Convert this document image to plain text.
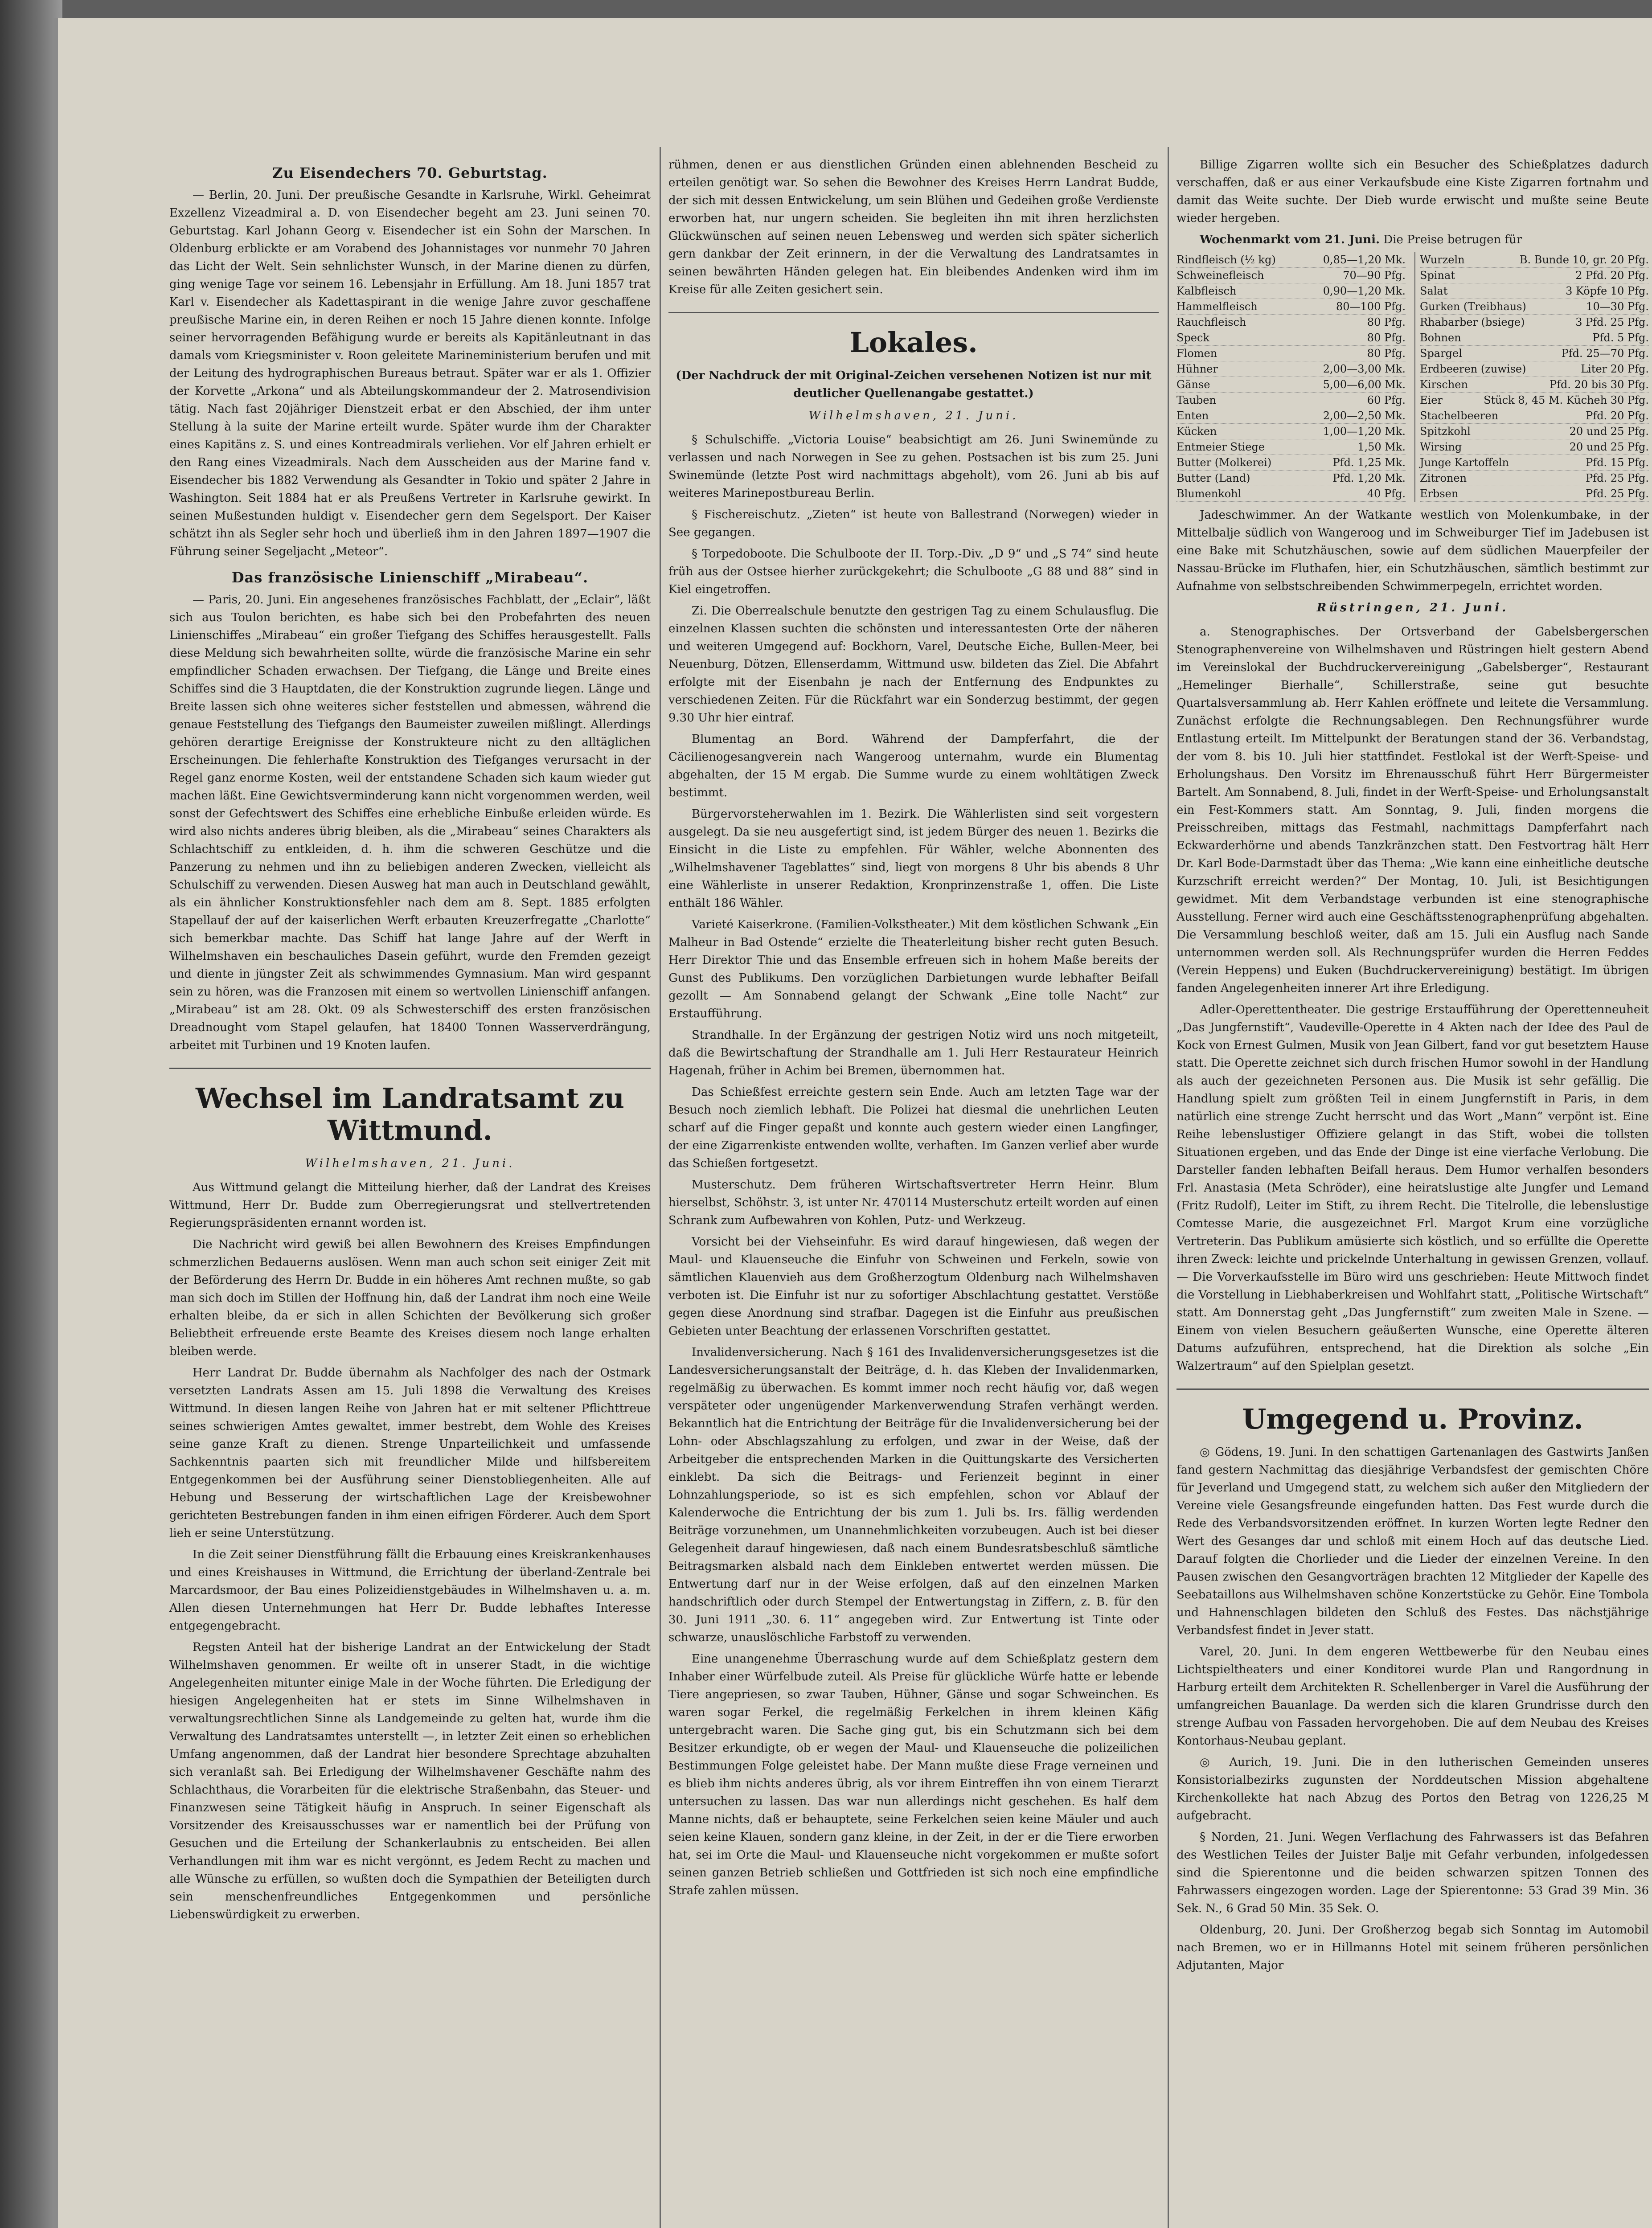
Zu Eisendechers 70. Geburtstag.

— Berlin, 20. Juni. Der preußische Gesandte in Karlsruhe, Wirkl. Geheimrat Exzellenz Vizeadmiral a. D. von Eisendecher begeht am 23. Juni seinen 70. Geburtstag. Karl Johann Georg v. Eisendecher ist ein Sohn der Marschen. In Oldenburg erblickte er am Vorabend des Johannistages vor nunmehr 70 Jahren das Licht der Welt. Sein sehnlichster Wunsch, in der Marine dienen zu dürfen, ging wenige Tage vor seinem 16. Lebensjahr in Erfüllung. Am 18. Juni 1857 trat Karl v. Eisendecher als Kadettaspirant in die wenige Jahre zuvor geschaffene preußische Marine ein, in deren Reihen er noch 15 Jahre dienen konnte. Infolge seiner hervorragenden Befähigung wurde er bereits als Kapitänleutnant in das damals vom Kriegsminister v. Roon geleitete Marineministerium berufen und mit der Leitung des hydrographischen Bureaus betraut. Später war er als 1. Offizier der Korvette „Arkona“ und als Abteilungskommandeur der 2. Matrosendivision tätig. Nach fast 20jähriger Dienstzeit erbat er den Abschied, der ihm unter Stellung à la suite der Marine erteilt wurde. Später wurde ihm der Charakter eines Kapitäns z. S. und eines Kontreadmirals verliehen. Vor elf Jahren erhielt er den Rang eines Vizeadmirals. Nach dem Ausscheiden aus der Marine fand v. Eisendecher bis 1882 Verwendung als Gesandter in Tokio und später 2 Jahre in Washington. Seit 1884 hat er als Preußens Vertreter in Karlsruhe gewirkt. In seinen Mußestunden huldigt v. Eisendecher gern dem Segelsport. Der Kaiser schätzt ihn als Segler sehr hoch und überließ ihm in den Jahren 1897—1907 die Führung seiner Segeljacht „Meteor“.

Das französische Linienschiff „Mirabeau“.

— Paris, 20. Juni. Ein angesehenes französisches Fachblatt, der „Eclair“, läßt sich aus Toulon berichten, es habe sich bei den Probefahrten des neuen Linienschiffes „Mirabeau“ ein großer Tiefgang des Schiffes herausgestellt. Falls diese Meldung sich bewahrheiten sollte, würde die französische Marine ein sehr empfindlicher Schaden erwachsen. Der Tiefgang, die Länge und Breite eines Schiffes sind die 3 Hauptdaten, die der Konstruktion zugrunde liegen. Länge und Breite lassen sich ohne weiteres sicher feststellen und abmessen, während die genaue Feststellung des Tiefgangs den Baumeister zuweilen mißlingt. Allerdings gehören derartige Ereignisse der Konstrukteure nicht zu den alltäglichen Erscheinungen. Die fehlerhafte Konstruktion des Tiefganges verursacht in der Regel ganz enorme Kosten, weil der entstandene Schaden sich kaum wieder gut machen läßt. Eine Gewichtsverminderung kann nicht vorgenommen werden, weil sonst der Gefechtswert des Schiffes eine erhebliche Einbuße erleiden würde. Es wird also nichts anderes übrig bleiben, als die „Mirabeau“ seines Charakters als Schlachtschiff zu entkleiden, d. h. ihm die schweren Geschütze und die Panzerung zu nehmen und ihn zu beliebigen anderen Zwecken, vielleicht als Schulschiff zu verwenden. Diesen Ausweg hat man auch in Deutschland gewählt, als ein ähnlicher Konstruktionsfehler nach dem am 8. Sept. 1885 erfolgten Stapellauf der auf der kaiserlichen Werft erbauten Kreuzerfregatte „Charlotte“ sich bemerkbar machte. Das Schiff hat lange Jahre auf der Werft in Wilhelmshaven ein beschauliches Dasein geführt, wurde den Fremden gezeigt und diente in jüngster Zeit als schwimmendes Gymnasium. Man wird gespannt sein zu hören, was die Franzosen mit einem so wertvollen Linienschiff anfangen. „Mirabeau“ ist am 28. Okt. 09 als Schwesterschiff des ersten französischen Dreadnought vom Stapel gelaufen, hat 18400 Tonnen Wasserverdrängung, arbeitet mit Turbinen und 19 Knoten laufen.

Wechsel im Landratsamt zu Wittmund.
Wilhelmshaven, 21. Juni.

Aus Wittmund gelangt die Mitteilung hierher, daß der Landrat des Kreises Wittmund, Herr Dr. Budde zum Oberregierungsrat und stellvertretenden Regierungspräsidenten ernannt worden ist.

Die Nachricht wird gewiß bei allen Bewohnern des Kreises Empfindungen schmerzlichen Bedauerns auslösen. Wenn man auch schon seit einiger Zeit mit der Beförderung des Herrn Dr. Budde in ein höheres Amt rechnen mußte, so gab man sich doch im Stillen der Hoffnung hin, daß der Landrat ihm noch eine Weile erhalten bleibe, da er sich in allen Schichten der Bevölkerung sich großer Beliebtheit erfreuende erste Beamte des Kreises diesem noch lange erhalten bleiben werde.

Herr Landrat Dr. Budde übernahm als Nachfolger des nach der Ostmark versetzten Landrats Assen am 15. Juli 1898 die Verwaltung des Kreises Wittmund. In diesen langen Reihe von Jahren hat er mit seltener Pflichttreue seines schwierigen Amtes gewaltet, immer bestrebt, dem Wohle des Kreises seine ganze Kraft zu dienen. Strenge Unparteilichkeit und umfassende Sachkenntnis paarten sich mit freundlicher Milde und hilfsbereitem Entgegenkommen bei der Ausführung seiner Dienstobliegenheiten. Alle auf Hebung und Besserung der wirtschaftlichen Lage der Kreisbewohner gerichteten Bestrebungen fanden in ihm einen eifrigen Förderer. Auch dem Sport lieh er seine Unterstützung.

In die Zeit seiner Dienstführung fällt die Erbauung eines Kreiskrankenhauses und eines Kreishauses in Wittmund, die Errichtung der überland-Zentrale bei Marcardsmoor, der Bau eines Polizeidienstgebäudes in Wilhelmshaven u. a. m. Allen diesen Unternehmungen hat Herr Dr. Budde lebhaftes Interesse entgegengebracht.

Regsten Anteil hat der bisherige Landrat an der Entwickelung der Stadt Wilhelmshaven genommen. Er weilte oft in unserer Stadt, in die wichtige Angelegenheiten mitunter einige Male in der Woche führten. Die Erledigung der hiesigen Angelegenheiten hat er stets im Sinne Wilhelmshaven in verwaltungsrechtlichen Sinne als Landgemeinde zu gelten hat, wurde ihm die Verwaltung des Landratsamtes unterstellt —, in letzter Zeit einen so erheblichen Umfang angenommen, daß der Landrat hier besondere Sprechtage abzuhalten sich veranlaßt sah. Bei Erledigung der Wilhelmshavener Geschäfte nahm des Schlachthaus, die Vorarbeiten für die elektrische Straßenbahn, das Steuer- und Finanzwesen seine Tätigkeit häufig in Anspruch. In seiner Eigenschaft als Vorsitzender des Kreisausschusses war er namentlich bei der Prüfung von Gesuchen und die Erteilung der Schankerlaubnis zu entscheiden. Bei allen Verhandlungen mit ihm war es nicht vergönnt, es Jedem Recht zu machen und alle Wünsche zu erfüllen, so wußten doch die Sympathien der Beteiligten durch sein menschenfreundliches Entgegenkommen und persönliche Liebenswürdigkeit zu erwerben.

rühmen, denen er aus dienstlichen Gründen einen ablehnenden Bescheid zu erteilen genötigt war. So sehen die Bewohner des Kreises Herrn Landrat Budde, der sich mit dessen Entwickelung, um sein Blühen und Gedeihen große Verdienste erworben hat, nur ungern scheiden. Sie begleiten ihn mit ihren herzlichsten Glückwünschen auf seinen neuen Lebensweg und werden sich später sicherlich gern dankbar der Zeit erinnern, in der die Verwaltung des Landratsamtes in seinen bewährten Händen gelegen hat. Ein bleibendes Andenken wird ihm im Kreise für alle Zeiten gesichert sein.

Lokales.
(Der Nachdruck der mit Original-Zeichen versehenen Notizen ist nur mit deutlicher Quellenangabe gestattet.)
Wilhelmshaven, 21. Juni.

§ Schulschiffe. „Victoria Louise“ beabsichtigt am 26. Juni Swinemünde zu verlassen und nach Norwegen in See zu gehen. Postsachen ist bis zum 25. Juni Swinemünde (letzte Post wird nachmittags abgeholt), vom 26. Juni ab bis auf weiteres Marinepostbureau Berlin.

§ Fischereischutz. „Zieten“ ist heute von Ballestrand (Norwegen) wieder in See gegangen.

§ Torpedoboote. Die Schulboote der II. Torp.-Div. „D 9“ und „S 74“ sind heute früh aus der Ostsee hierher zurückgekehrt; die Schulboote „G 88 und 88“ sind in Kiel eingetroffen.

Zi. Die Oberrealschule benutzte den gestrigen Tag zu einem Schulausflug. Die einzelnen Klassen suchten die schönsten und interessantesten Orte der näheren und weiteren Umgegend auf: Bockhorn, Varel, Deutsche Eiche, Bullen-Meer, bei Neuenburg, Dötzen, Ellenserdamm, Wittmund usw. bildeten das Ziel. Die Abfahrt erfolgte mit der Eisenbahn je nach der Entfernung des Endpunktes zu verschiedenen Zeiten. Für die Rückfahrt war ein Sonderzug bestimmt, der gegen 9.30 Uhr hier eintraf.

Blumentag an Bord. Während der Dampferfahrt, die der Cäcilienogesangverein nach Wangeroog unternahm, wurde ein Blumentag abgehalten, der 15 M ergab. Die Summe wurde zu einem wohltätigen Zweck bestimmt.

Bürgervorsteherwahlen im 1. Bezirk. Die Wählerlisten sind seit vorgestern ausgelegt. Da sie neu ausgefertigt sind, ist jedem Bürger des neuen 1. Bezirks die Einsicht in die Liste zu empfehlen. Für Wähler, welche Abonnenten des „Wilhelmshavener Tageblattes“ sind, liegt von morgens 8 Uhr bis abends 8 Uhr eine Wählerliste in unserer Redaktion, Kronprinzenstraße 1, offen. Die Liste enthält 186 Wähler.

Varieté Kaiserkrone. (Familien-Volkstheater.) Mit dem köstlichen Schwank „Ein Malheur in Bad Ostende“ erzielte die Theaterleitung bisher recht guten Besuch. Herr Direktor Thie und das Ensemble erfreuen sich in hohem Maße bereits der Gunst des Publikums. Den vorzüglichen Darbietungen wurde lebhafter Beifall gezollt — Am Sonnabend gelangt der Schwank „Eine tolle Nacht“ zur Erstaufführung.

Strandhalle. In der Ergänzung der gestrigen Notiz wird uns noch mitgeteilt, daß die Bewirtschaftung der Strandhalle am 1. Juli Herr Restaurateur Heinrich Hagenah, früher in Achim bei Bremen, übernommen hat.

Das Schießfest erreichte gestern sein Ende. Auch am letzten Tage war der Besuch noch ziemlich lebhaft. Die Polizei hat diesmal die unehrlichen Leuten scharf auf die Finger gepaßt und konnte auch gestern wieder einen Langfinger, der eine Zigarrenkiste entwenden wollte, verhaften. Im Ganzen verlief aber wurde das Schießen fortgesetzt.

Musterschutz. Dem früheren Wirtschaftsvertreter Herrn Heinr. Blum hierselbst, Schöhstr. 3, ist unter Nr. 470114 Musterschutz erteilt worden auf einen Schrank zum Aufbewahren von Kohlen, Putz- und Werkzeug.

Vorsicht bei der Viehseinfuhr. Es wird darauf hingewiesen, daß wegen der Maul- und Klauenseuche die Einfuhr von Schweinen und Ferkeln, sowie von sämtlichen Klauenvieh aus dem Großherzogtum Oldenburg nach Wilhelmshaven verboten ist. Die Einfuhr ist nur zu sofortiger Abschlachtung gestattet. Verstöße gegen diese Anordnung sind strafbar. Dagegen ist die Einfuhr aus preußischen Gebieten unter Beachtung der erlassenen Vorschriften gestattet.

Invalidenversicherung. Nach § 161 des Invalidenversicherungsgesetzes ist die Landesversicherungsanstalt der Beiträge, d. h. das Kleben der Invalidenmarken, regelmäßig zu überwachen. Es kommt immer noch recht häufig vor, daß wegen verspäteter oder ungenügender Markenverwendung Strafen verhängt werden. Bekanntlich hat die Entrichtung der Beiträge für die Invalidenversicherung bei der Lohn- oder Abschlagszahlung zu erfolgen, und zwar in der Weise, daß der Arbeitgeber die entsprechenden Marken in die Quittungskarte des Versicherten einklebt. Da sich die Beitrags- und Ferienzeit beginnt in einer Lohnzahlungsperiode, so ist es sich empfehlen, schon vor Ablauf der Kalenderwoche die Entrichtung der bis zum 1. Juli bs. Irs. fällig werdenden Beiträge vorzunehmen, um Unannehmlichkeiten vorzubeugen. Auch ist bei dieser Gelegenheit darauf hingewiesen, daß nach einem Bundesratsbeschluß sämtliche Beitragsmarken alsbald nach dem Einkleben entwertet werden müssen. Die Entwertung darf nur in der Weise erfolgen, daß auf den einzelnen Marken handschriftlich oder durch Stempel der Entwertungstag in Ziffern, z. B. für den 30. Juni 1911 „30. 6. 11“ angegeben wird. Zur Entwertung ist Tinte oder schwarze, unauslöschliche Farbstoff zu verwenden.

Eine unangenehme Überraschung wurde auf dem Schießplatz gestern dem Inhaber einer Würfelbude zuteil. Als Preise für glückliche Würfe hatte er lebende Tiere angepriesen, so zwar Tauben, Hühner, Gänse und sogar Schweinchen. Es waren sogar Ferkel, die regelmäßig Ferkelchen in ihrem kleinen Käfig untergebracht waren. Die Sache ging gut, bis ein Schutzmann sich bei dem Besitzer erkundigte, ob er wegen der Maul- und Klauenseuche die polizeilichen Bestimmungen Folge geleistet habe. Der Mann mußte diese Frage verneinen und es blieb ihm nichts anderes übrig, als vor ihrem Eintreffen ihn von einem Tierarzt untersuchen zu lassen. Das war nun allerdings nicht geschehen. Es half dem Manne nichts, daß er behauptete, seine Ferkelchen seien keine Mäuler und auch seien keine Klauen, sondern ganz kleine, in der Zeit, in der er die Tiere erworben hat, sei im Orte die Maul- und Klauenseuche nicht vorgekommen er mußte sofort seinen ganzen Betrieb schließen und Gottfrieden ist sich noch eine empfindliche Strafe zahlen müssen.

Billige Zigarren wollte sich ein Besucher des Schießplatzes dadurch verschaffen, daß er aus einer Verkaufsbude eine Kiste Zigarren fortnahm und damit das Weite suchte. Der Dieb wurde erwischt und mußte seine Beute wieder hergeben.

Wochenmarkt vom 21. Juni. Die Preise betrugen für

Rindfleisch (½ kg)	0,85—1,20 Mk.
Schweinefleisch	70—90 Pfg.
Kalbfleisch	0,90—1,20 Mk.
Hammelfleisch	80—100 Pfg.
Rauchfleisch	80 Pfg.
Speck	80 Pfg.
Flomen	80 Pfg.
Hühner	2,00—3,00 Mk.
Gänse	5,00—6,00 Mk.
Tauben	60 Pfg.
Enten	2,00—2,50 Mk.
Kücken	1,00—1,20 Mk.
Entmeier Stiege	1,50 Mk.
Butter (Molkerei)	Pfd. 1,25 Mk.
Butter (Land)	Pfd. 1,20 Mk.
Blumenkohl	40 Pfg.
Wurzeln	B. Bunde 10, gr. 20 Pfg.
Spinat	2 Pfd. 20 Pfg.
Salat	3 Köpfe 10 Pfg.
Gurken (Treibhaus)	10—30 Pfg.
Rhabarber (bsiege)	3 Pfd. 25 Pfg.
Bohnen	Pfd. 5 Pfg.
Spargel	Pfd. 25—70 Pfg.
Erdbeeren (zuwise)	Liter 20 Pfg.
Kirschen	Pfd. 20 bis 30 Pfg.
Eier	Stück 8, 45 M. Kücheh 30 Pfg.
Stachelbeeren	Pfd. 20 Pfg.
Spitzkohl	20 und 25 Pfg.
Wirsing	20 und 25 Pfg.
Junge Kartoffeln	Pfd. 15 Pfg.
Zitronen	Pfd. 25 Pfg.
Erbsen	Pfd. 25 Pfg.

Jadeschwimmer. An der Watkante westlich von Molenkumbake, in der Mittelbalje südlich von Wangeroog und im Schweiburger Tief im Jadebusen ist eine Bake mit Schutzhäuschen, sowie auf dem südlichen Mauerpfeiler der Nassau-Brücke im Fluthafen, hier, ein Schutzhäuschen, sämtlich bestimmt zur Aufnahme von selbstschreibenden Schwimmerpegeln, errichtet worden.

Rüstringen, 21. Juni.

a. Stenographisches. Der Ortsverband der Gabelsbergerschen Stenographenvereine von Wilhelmshaven und Rüstringen hielt gestern Abend im Vereinslokal der Buchdruckervereinigung „Gabelsberger“, Restaurant „Hemelinger Bierhalle“, Schillerstraße, seine gut besuchte Quartalsversammlung ab. Herr Kahlen eröffnete und leitete die Versammlung. Zunächst erfolgte die Rechnungsablegen. Den Rechnungsführer wurde Entlastung erteilt. Im Mittelpunkt der Beratungen stand der 36. Verbandstag, der vom 8. bis 10. Juli hier stattfindet. Festlokal ist der Werft-Speise- und Erholungshaus. Den Vorsitz im Ehrenausschuß führt Herr Bürgermeister Bartelt. Am Sonnabend, 8. Juli, findet in der Werft-Speise- und Erholungsanstalt ein Fest-Kommers statt. Am Sonntag, 9. Juli, finden morgens die Preisschreiben, mittags das Festmahl, nachmittags Dampferfahrt nach Eckwarderhörne und abends Tanzkränzchen statt. Den Festvortrag hält Herr Dr. Karl Bode-Darmstadt über das Thema: „Wie kann eine einheitliche deutsche Kurzschrift erreicht werden?“ Der Montag, 10. Juli, ist Besichtigungen gewidmet. Mit dem Verbandstage verbunden ist eine stenographische Ausstellung. Ferner wird auch eine Geschäftsstenographenprüfung abgehalten. Die Versammlung beschloß weiter, daß am 15. Juli ein Ausflug nach Sande unternommen werden soll. Als Rechnungsprüfer wurden die Herren Feddes (Verein Heppens) und Euken (Buchdruckervereinigung) bestätigt. Im übrigen fanden Angelegenheiten innerer Art ihre Erledigung.

Adler-Operettentheater. Die gestrige Erstaufführung der Operettenneuheit „Das Jungfernstift“, Vaudeville-Operette in 4 Akten nach der Idee des Paul de Kock von Ernest Gulmen, Musik von Jean Gilbert, fand vor gut besetztem Hause statt. Die Operette zeichnet sich durch frischen Humor sowohl in der Handlung als auch der gezeichneten Personen aus. Die Musik ist sehr gefällig. Die Handlung spielt zum größten Teil in einem Jungfernstift in Paris, in dem natürlich eine strenge Zucht herrscht und das Wort „Mann“ verpönt ist. Eine Reihe lebenslustiger Offiziere gelangt in das Stift, wobei die tollsten Situationen ergeben, und das Ende der Dinge ist eine vierfache Verlobung. Die Darsteller fanden lebhaften Beifall heraus. Dem Humor verhalfen besonders Frl. Anastasia (Meta Schröder), eine heiratslustige alte Jungfer und Lemand (Fritz Rudolf), Leiter im Stift, zu ihrem Recht. Die Titelrolle, die lebenslustige Comtesse Marie, die ausgezeichnet Frl. Margot Krum eine vorzügliche Vertreterin. Das Publikum amüsierte sich köstlich, und so erfüllte die Operette ihren Zweck: leichte und prickelnde Unterhaltung in gewissen Grenzen, vollauf. — Die Vorverkaufsstelle im Büro wird uns geschrieben: Heute Mittwoch findet die Vorstellung in Liebhaberkreisen und Wohlfahrt statt, „Politische Wirtschaft“ statt. Am Donnerstag geht „Das Jungfernstift“ zum zweiten Male in Szene. — Einem von vielen Besuchern geäußerten Wunsche, eine Operette älteren Datums aufzuführen, entsprechend, hat die Direktion als solche „Ein Walzertraum“ auf den Spielplan gesetzt.

Umgegend u. Provinz.

◎ Gödens, 19. Juni. In den schattigen Gartenanlagen des Gastwirts Janßen fand gestern Nachmittag das diesjährige Verbandsfest der gemischten Chöre für Jeverland und Umgegend statt, zu welchem sich außer den Mitgliedern der Vereine viele Gesangsfreunde eingefunden hatten. Das Fest wurde durch die Rede des Verbandsvorsitzenden eröffnet. In kurzen Worten legte Redner den Wert des Gesanges dar und schloß mit einem Hoch auf das deutsche Lied. Darauf folgten die Chorlieder und die Lieder der einzelnen Vereine. In den Pausen zwischen den Gesangvorträgen brachten 12 Mitglieder der Kapelle des Seebataillons aus Wilhelmshaven schöne Konzertstücke zu Gehör. Eine Tombola und Hahnenschlagen bildeten den Schluß des Festes. Das nächstjährige Verbandsfest findet in Jever statt.

Varel, 20. Juni. In dem engeren Wettbewerbe für den Neubau eines Lichtspieltheaters und einer Konditorei wurde Plan und Rangordnung in Harburg erteilt dem Architekten R. Schellenberger in Varel die Ausführung der umfangreichen Bauanlage. Da werden sich die klaren Grundrisse durch den strenge Aufbau von Fassaden hervorgehoben. Die auf dem Neubau des Kreises Kontorhaus-Neubau geplant.

◎ Aurich, 19. Juni. Die in den lutherischen Gemeinden unseres Konsistorialbezirks zugunsten der Norddeutschen Mission abgehaltene Kirchenkollekte hat nach Abzug des Portos den Betrag von 1226,25 M aufgebracht.

§ Norden, 21. Juni. Wegen Verflachung des Fahrwassers ist das Befahren des Westlichen Teiles der Juister Balje mit Gefahr verbunden, infolgedessen sind die Spierentonne und die beiden schwarzen spitzen Tonnen des Fahrwassers eingezogen worden. Lage der Spierentonne: 53 Grad 39 Min. 36 Sek. N., 6 Grad 50 Min. 35 Sek. O.

Oldenburg, 20. Juni. Der Großherzog begab sich Sonntag im Automobil nach Bremen, wo er in Hillmanns Hotel mit seinem früheren persönlichen Adjutanten, Major
